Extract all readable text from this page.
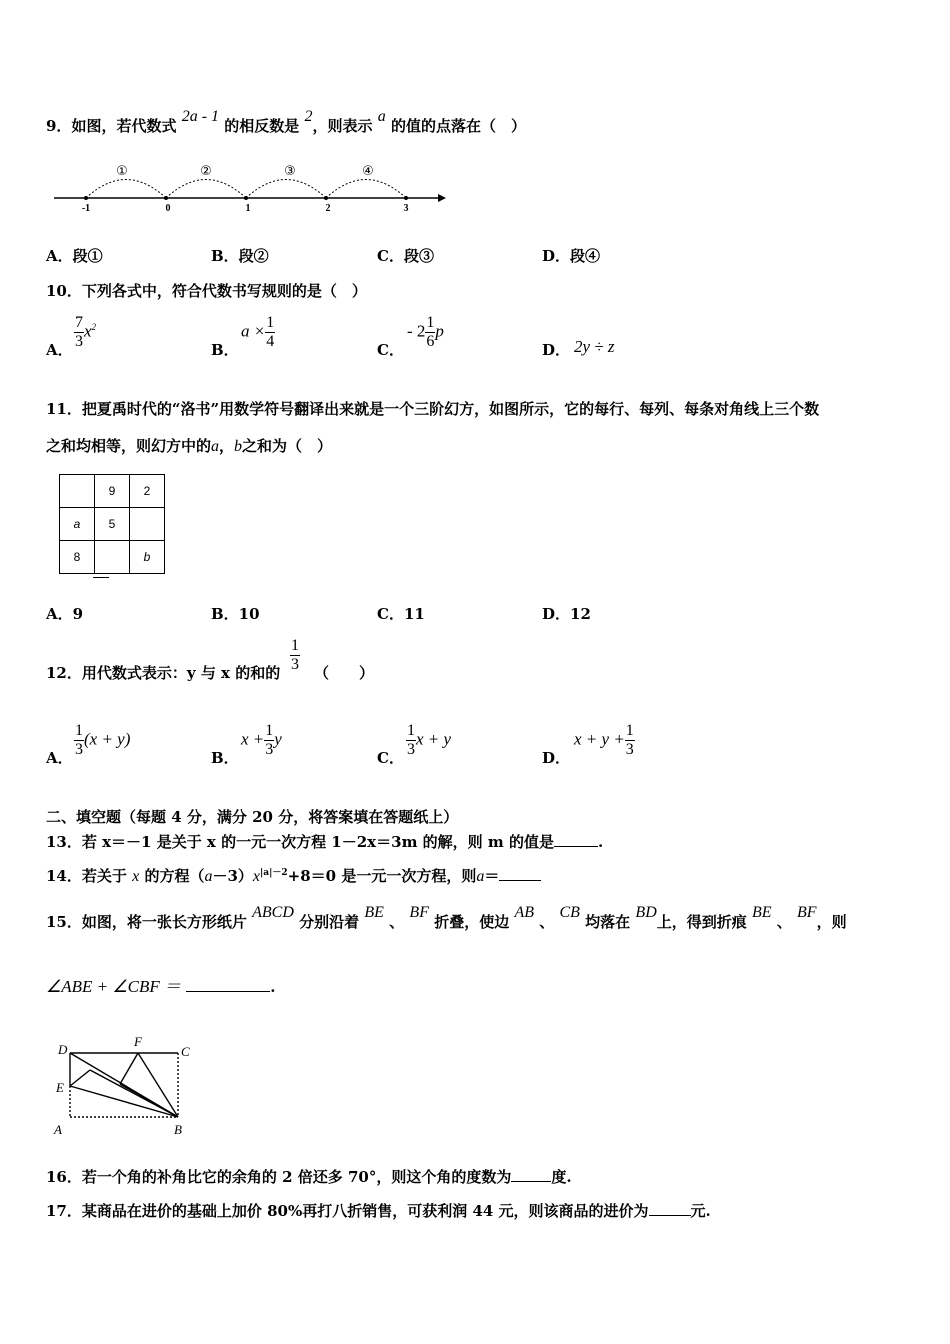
9．如图，若代数式 2a - 1 的相反数是 2，则表示 a 的值的点落在（　）
-1	0	1	2	3
①	②	③	④
A．段①	B．段②	C．段③	D．段④
10．下列各式中，符合代数书写规则的是（　）
A． $\frac{7}{3} x^2$
B．
$a \times \frac{1}{4}$	C．
- $2 \frac{1}{6}$ p
D． 2y ÷ z
11．把夏禹时代的“洛书”用数学符号翻译出来就是一个三阶幻方，如图所示，它的每行、每列、每条对角线上三个数
之和均相等，则幻方中的a，b之和为（　）
	9	2
a	5	
8		b
A．9	B．10	C．11	D．12
12．用代数式表示：y 与 x 的和的 $\frac{1}{3}$ （　　）
A． $\frac{1}{3} (x + y)$
B．
$x + \frac{1}{3}$ y
C． $\frac{1}{3}$ x + y
D．
$x + y + \frac{1}{3}$
二、填空题（每题 4 分，满分 20 分，将答案填在答题纸上）
13．若 x＝－1 是关于 x 的一元一次方程 1－2x＝3m 的解，则 m 的值是	.
14．若关于 x 的方程$(a-3)x^{|a|-2}+8=0$ 是一元一次方程，则a＝
15．如图，将一张长方形纸片 ABCD 分别沿着 BE 、 BF 折叠，使边 AB 、 CB 均落在 BD上，得到折痕 BE 、 BF，则
∠ABE + ∠CBF ＝	.
D
F
C
E
A	B
16．若一个角的补角比它的余角的 2 倍还多 70°，则这个角的度数为	度.
17．某商品在进价的基础上加价 80%再打八折销售，可获利润 44 元，则该商品的进价为	元.
